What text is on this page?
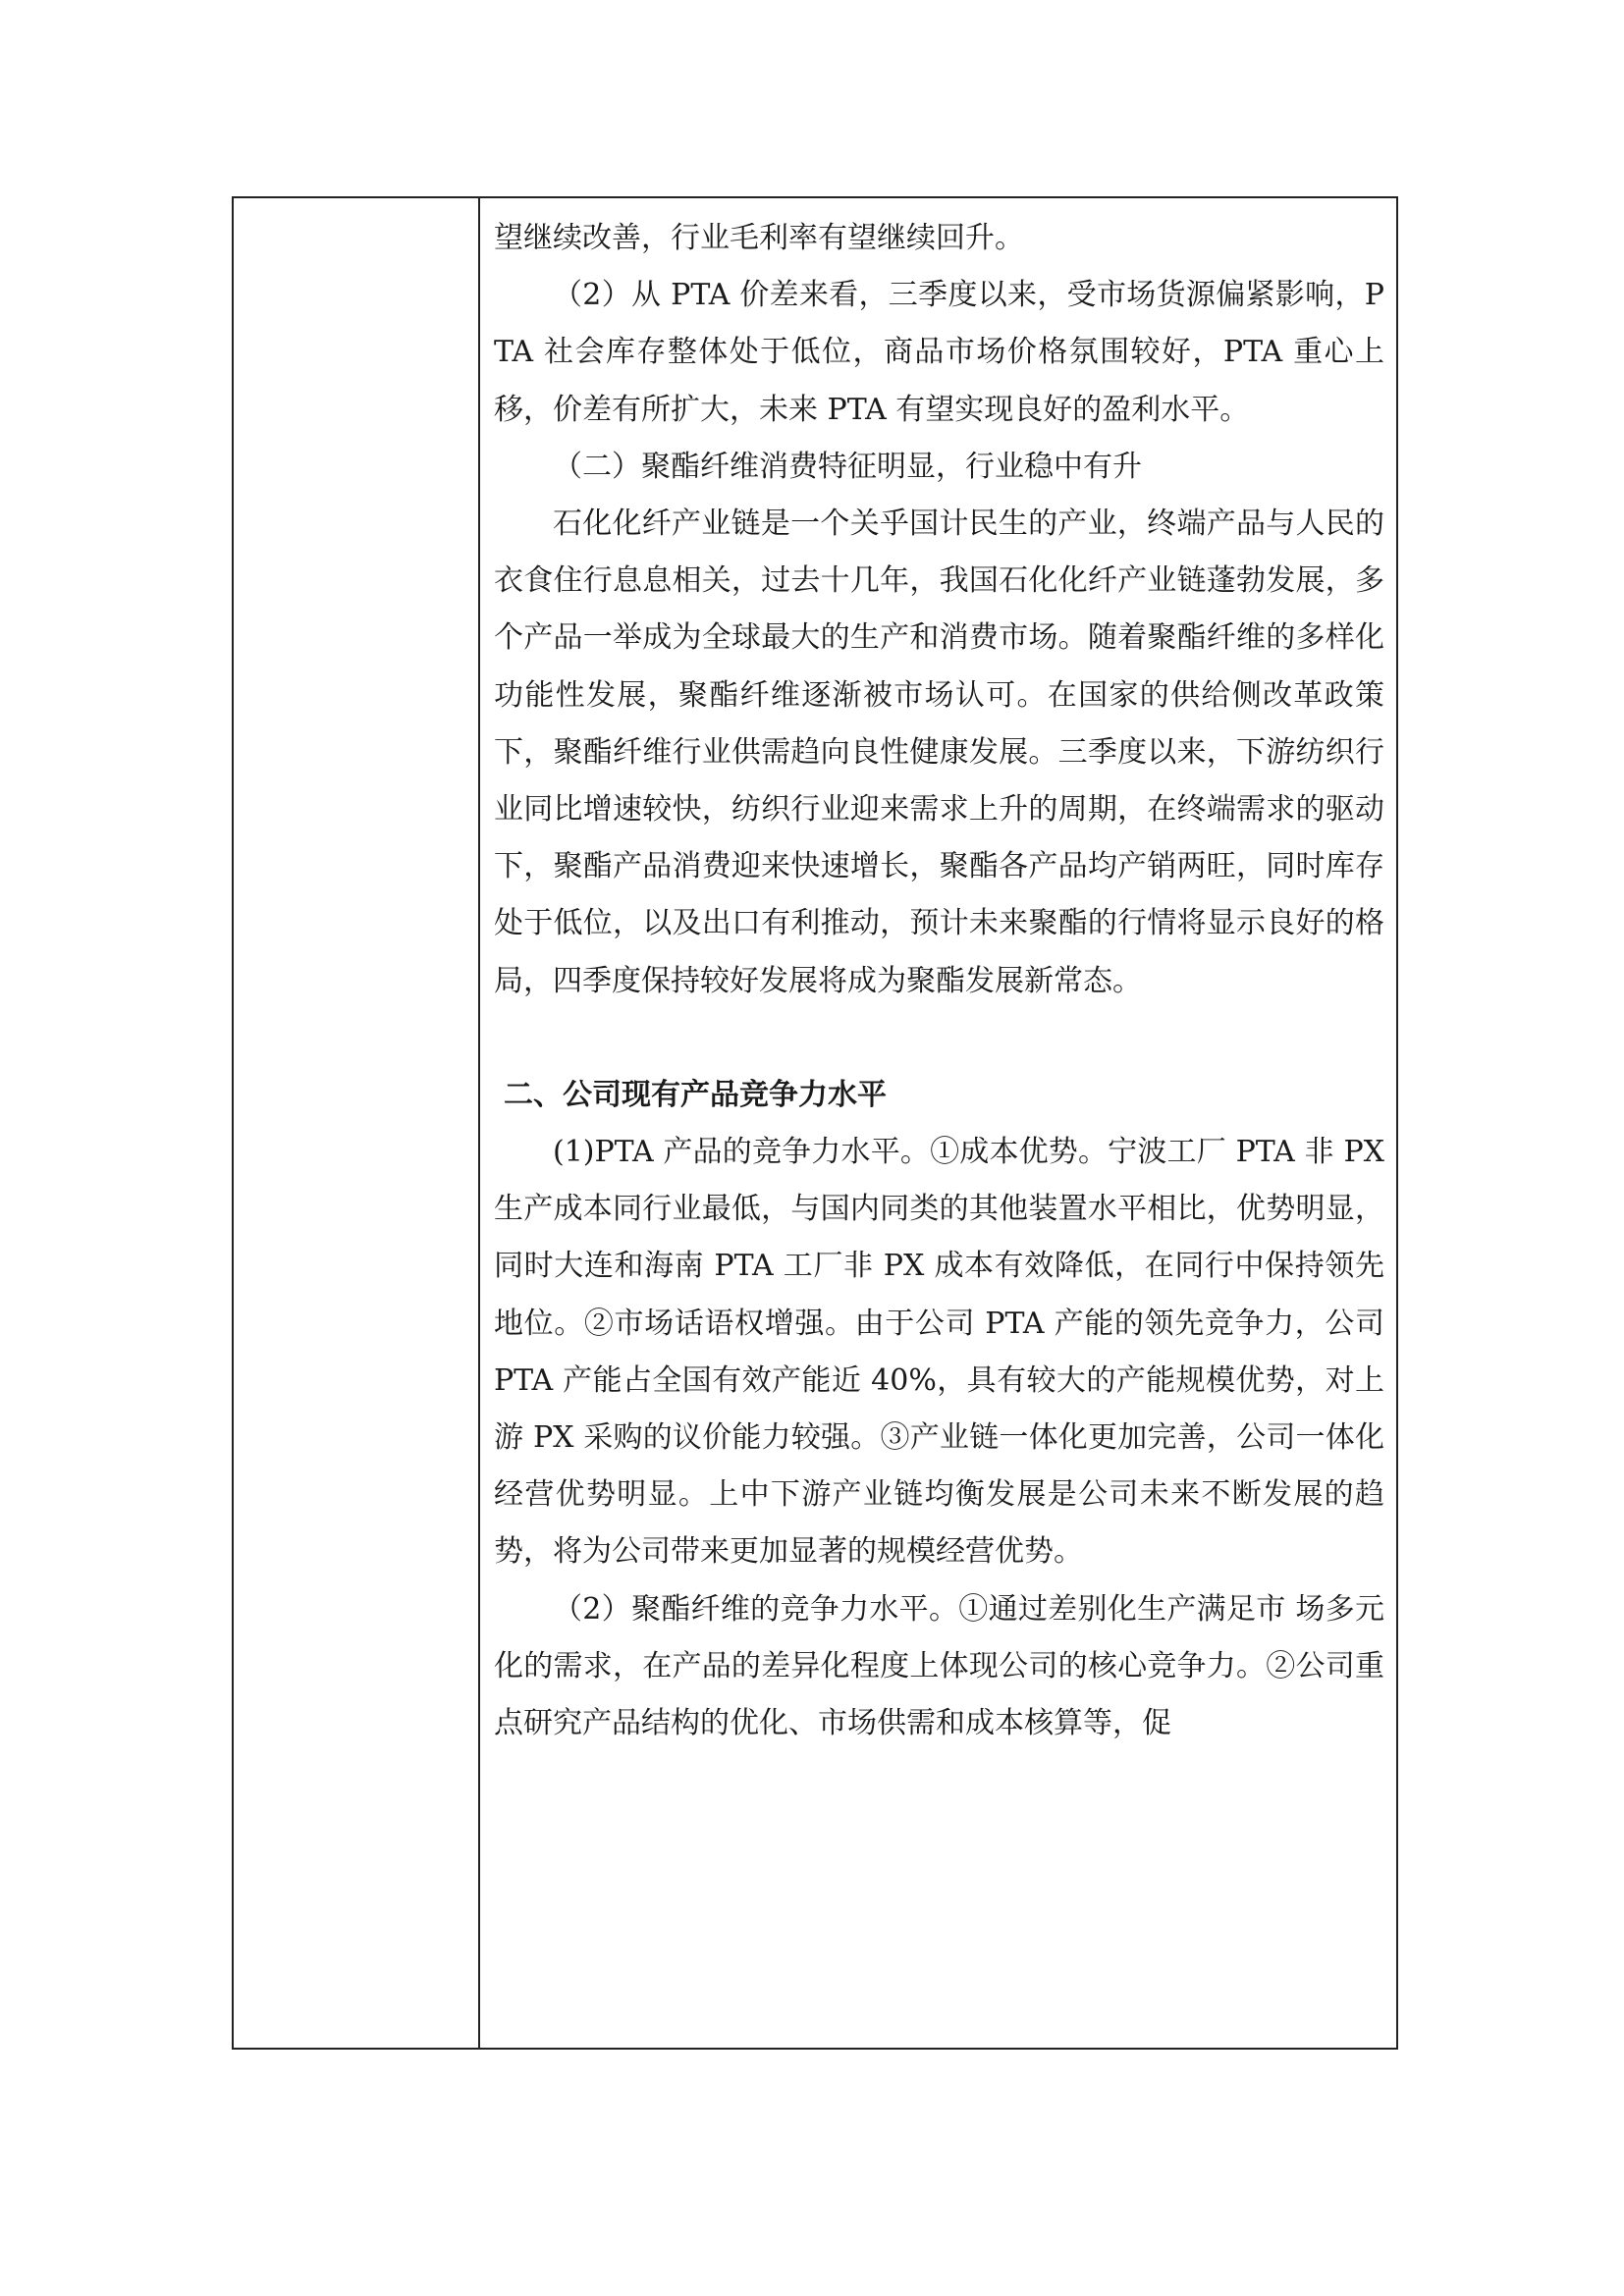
望继续改善，行业毛利率有望继续回升。

（2）从 PTA 价差来看，三季度以来，受市场货源偏紧影响，PTA 社会库存整体处于低位，商品市场价格氛围较好，PTA 重心上移，价差有所扩大，未来 PTA 有望实现良好的盈利水平。

（二）聚酯纤维消费特征明显，行业稳中有升

石化化纤产业链是一个关乎国计民生的产业，终端产品与人民的衣食住行息息相关，过去十几年，我国石化化纤产业链蓬勃发展，多个产品一举成为全球最大的生产和消费市场。随着聚酯纤维的多样化功能性发展，聚酯纤维逐渐被市场认可。在国家的供给侧改革政策下，聚酯纤维行业供需趋向良性健康发展。三季度以来，下游纺织行业同比增速较快，纺织行业迎来需求上升的周期，在终端需求的驱动下，聚酯产品消费迎来快速增长，聚酯各产品均产销两旺，同时库存处于低位，以及出口有利推动，预计未来聚酯的行情将显示良好的格局，四季度保持较好发展将成为聚酯发展新常态。

二、公司现有产品竞争力水平

(1)PTA 产品的竞争力水平。①成本优势。宁波工厂 PTA 非 PX 生产成本同行业最低，与国内同类的其他装置水平相比，优势明显，同时大连和海南 PTA 工厂非 PX 成本有效降低，在同行中保持领先地位。②市场话语权增强。由于公司 PTA 产能的领先竞争力，公司 PTA 产能占全国有效产能近 40%，具有较大的产能规模优势，对上游 PX 采购的议价能力较强。③产业链一体化更加完善，公司一体化经营优势明显。上中下游产业链均衡发展是公司未来不断发展的趋势，将为公司带来更加显著的规模经营优势。

（2）聚酯纤维的竞争力水平。①通过差别化生产满足市 场多元化的需求，在产品的差异化程度上体现公司的核心竞争力。②公司重点研究产品结构的优化、市场供需和成本核算等，促
